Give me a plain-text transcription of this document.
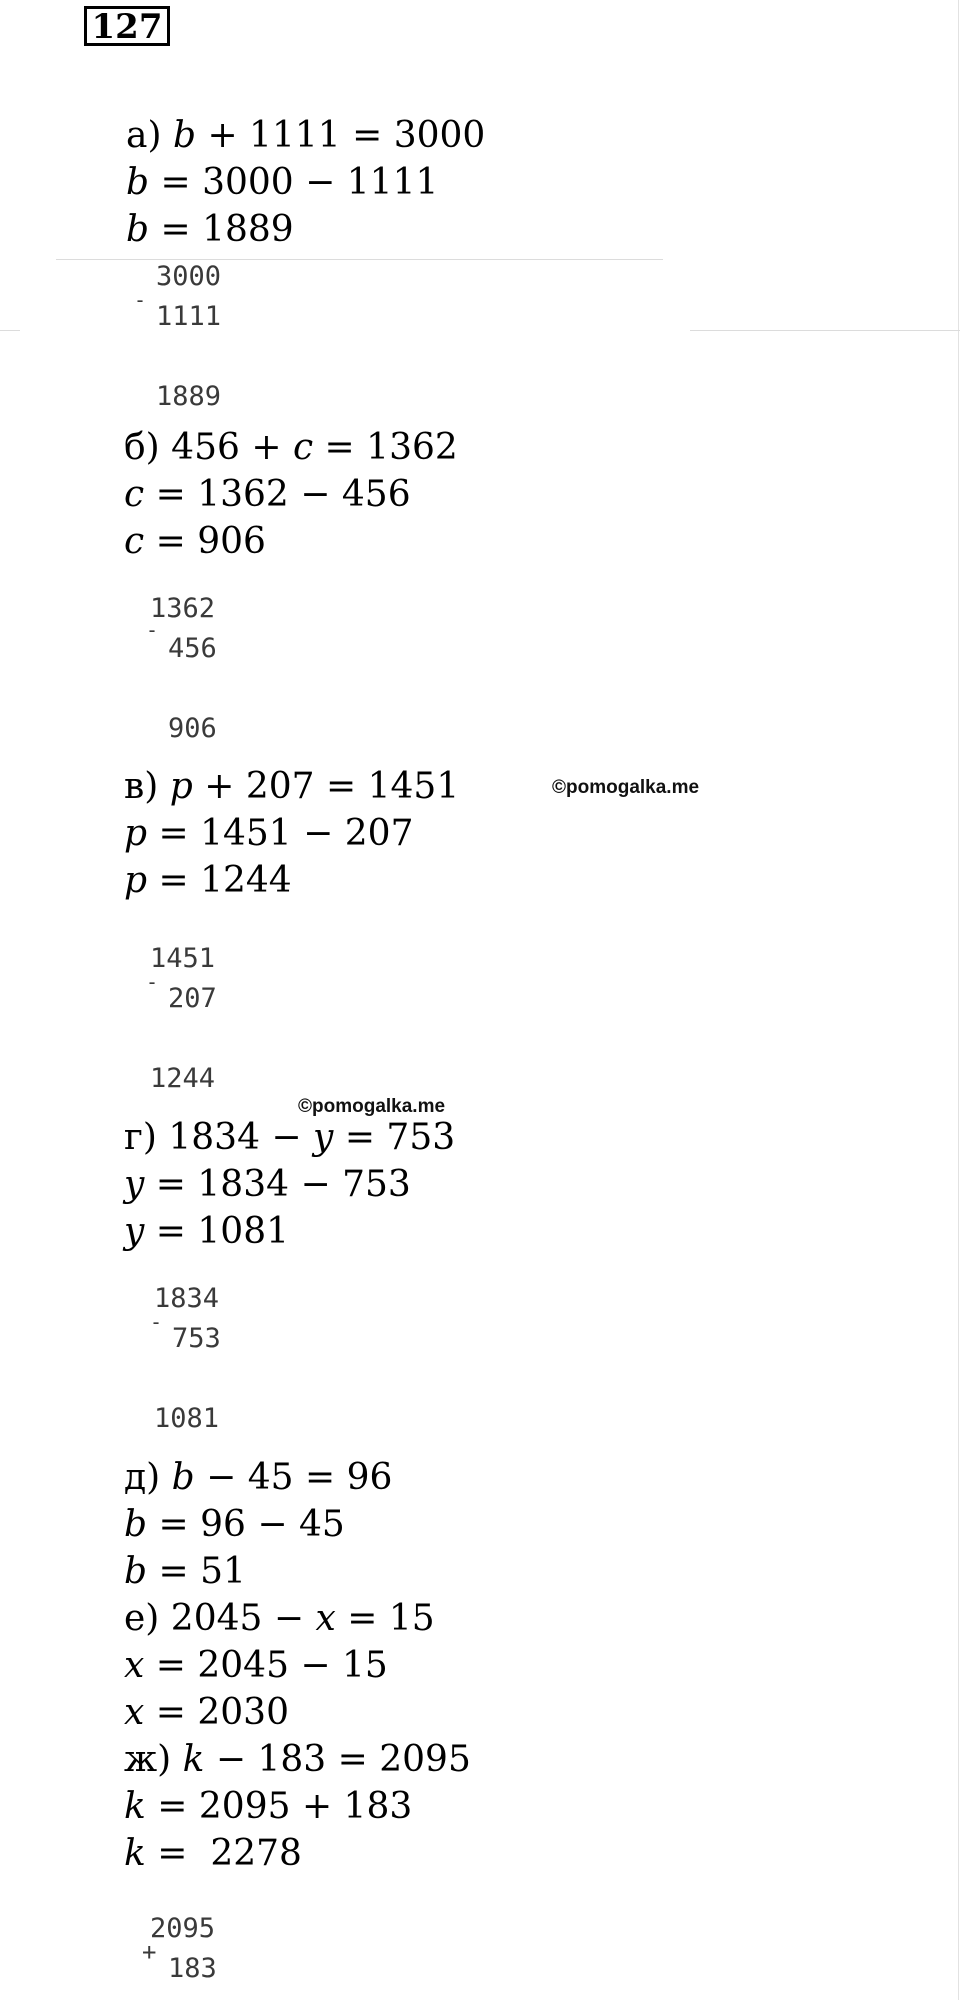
127
а) b + 1111 = 3000
b = 3000 − 1111
b = 1889
-
3000
1111
1889
б) 456 + c = 1362
c = 1362 − 456
c = 906
-
1362
456
906
в) p + 207 = 1451
p = 1451 − 207
p = 1244
©pomogalka.me
-
1451
207
1244
©pomogalka.me
г) 1834 − y = 753
y = 1834 − 753
y = 1081
-
1834
753
1081
д) b − 45 = 96
b = 96 − 45
b = 51
е) 2045 − x = 15
x = 2045 − 15
x = 2030
ж) k − 183 = 2095
k = 2095 + 183
k =  2278
+
2095
183
